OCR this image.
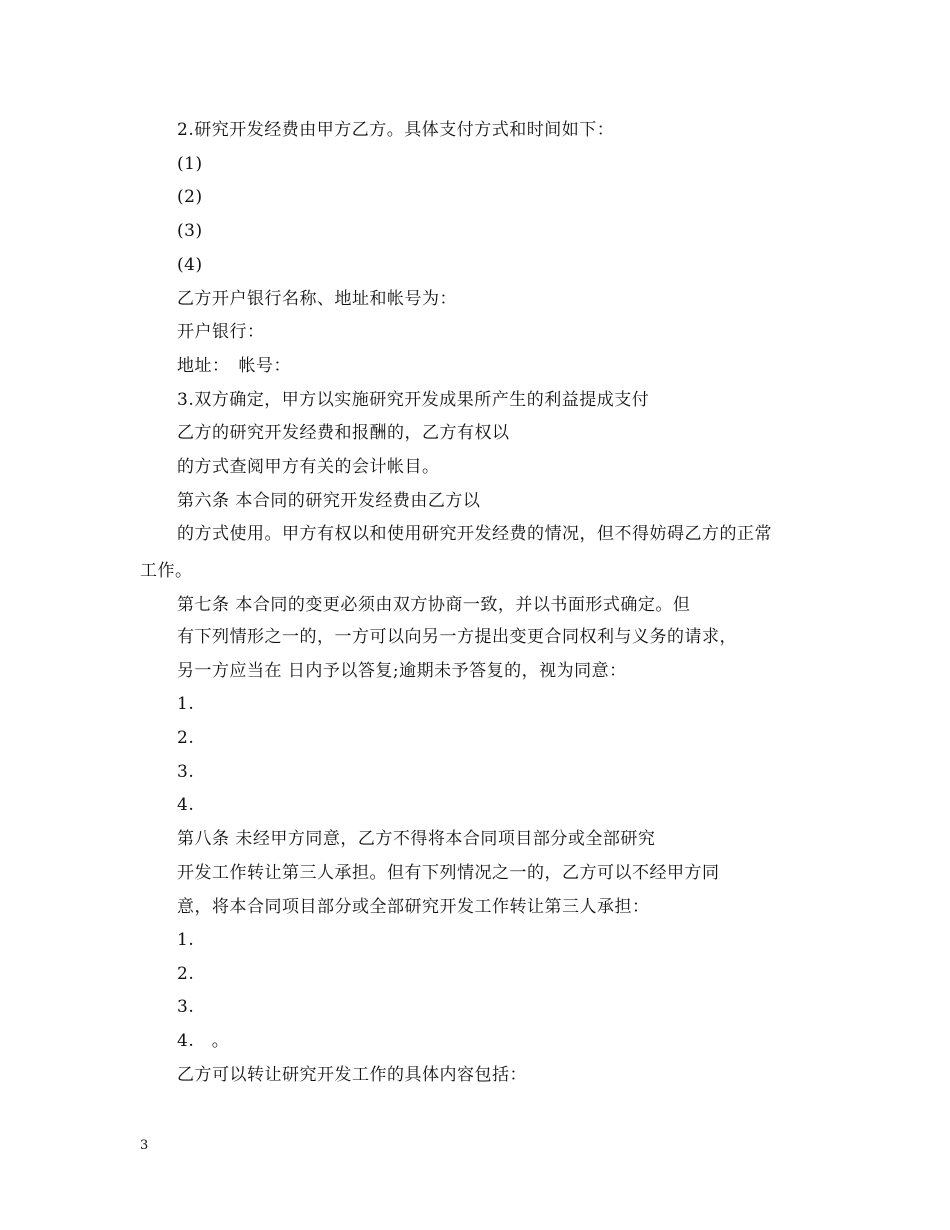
2.研究开发经费由甲方乙方。具体支付方式和时间如下：
(1)
(2)
(3)
(4)
乙方开户银行名称、地址和帐号为：
开户银行：
地址：　帐号：
3.双方确定，甲方以实施研究开发成果所产生的利益提成支付
乙方的研究开发经费和报酬的，乙方有权以
的方式查阅甲方有关的会计帐目。
第六条 本合同的研究开发经费由乙方以
的方式使用。甲方有权以和使用研究开发经费的情况，但不得妨碍乙方的正常
工作。
第七条 本合同的变更必须由双方协商一致，并以书面形式确定。但
有下列情形之一的，一方可以向另一方提出变更合同权利与义务的请求，
另一方应当在 日内予以答复;逾期未予答复的，视为同意：
1.
2.
3.
4.
第八条 未经甲方同意，乙方不得将本合同项目部分或全部研究
开发工作转让第三人承担。但有下列情况之一的，乙方可以不经甲方同
意，将本合同项目部分或全部研究开发工作转让第三人承担：
1.
2.
3.
4.　。
乙方可以转让研究开发工作的具体内容包括：
3
